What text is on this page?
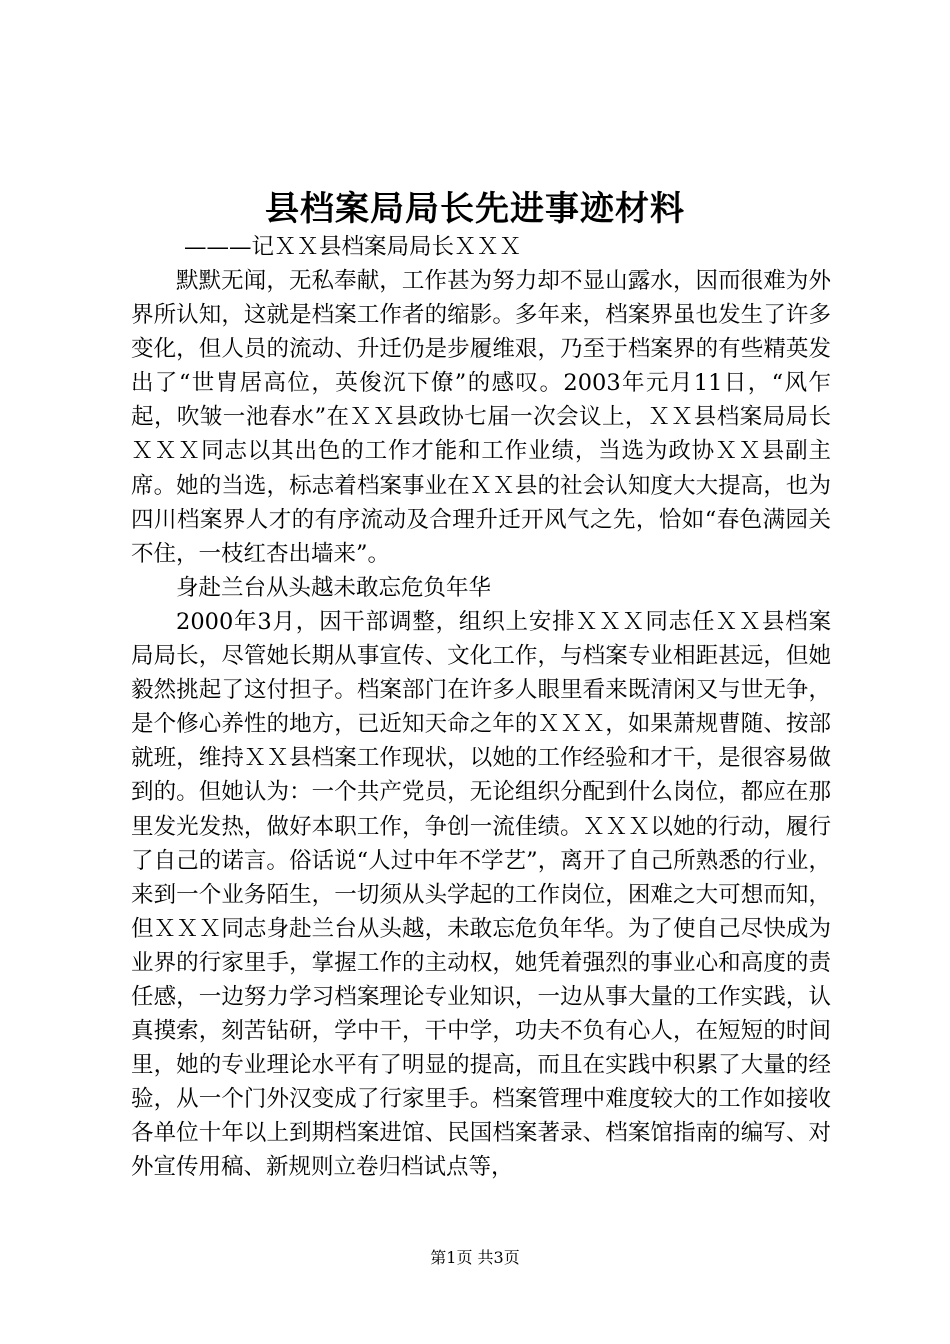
县档案局局长先进事迹材料
———记ＸＸ县档案局局长ＸＸＸ

默默无闻，无私奉献，工作甚为努力却不显山露水，因而很难为外界所认知，这就是档案工作者的缩影。多年来，档案界虽也发生了许多变化，但人员的流动、升迁仍是步履维艰，乃至于档案界的有些精英发出了“世胄居高位，英俊沉下僚”的感叹。2003年元月11日，“风乍起，吹皱一池春水”在ＸＸ县政协七届一次会议上，ＸＸ县档案局局长ＸＸＸ同志以其出色的工作才能和工作业绩，当选为政协ＸＸ县副主席。她的当选，标志着档案事业在ＸＸ县的社会认知度大大提高，也为四川档案界人才的有序流动及合理升迁开风气之先，恰如“春色满园关不住，一枝红杏出墙来”。

身赴兰台从头越未敢忘危负年华

2000年3月，因干部调整，组织上安排ＸＸＸ同志任ＸＸ县档案局局长，尽管她长期从事宣传、文化工作，与档案专业相距甚远，但她毅然挑起了这付担子。档案部门在许多人眼里看来既清闲又与世无争，是个修心养性的地方，已近知天命之年的ＸＸＸ，如果萧规曹随、按部就班，维持ＸＸ县档案工作现状，以她的工作经验和才干，是很容易做到的。但她认为：一个共产党员，无论组织分配到什么岗位，都应在那里发光发热，做好本职工作，争创一流佳绩。ＸＸＸ以她的行动，履行了自己的诺言。俗话说“人过中年不学艺”，离开了自己所熟悉的行业，来到一个业务陌生，一切须从头学起的工作岗位，困难之大可想而知，但ＸＸＸ同志身赴兰台从头越，未敢忘危负年华。为了使自己尽快成为业界的行家里手，掌握工作的主动权，她凭着强烈的事业心和高度的责任感，一边努力学习档案理论专业知识，一边从事大量的工作实践，认真摸索，刻苦钻研，学中干，干中学，功夫不负有心人，在短短的时间里，她的专业理论水平有了明显的提高，而且在实践中积累了大量的经验，从一个门外汉变成了行家里手。档案管理中难度较大的工作如接收各单位十年以上到期档案进馆、民国档案著录、档案馆指南的编写、对外宣传用稿、新规则立卷归档试点等，

第1页 共3页
